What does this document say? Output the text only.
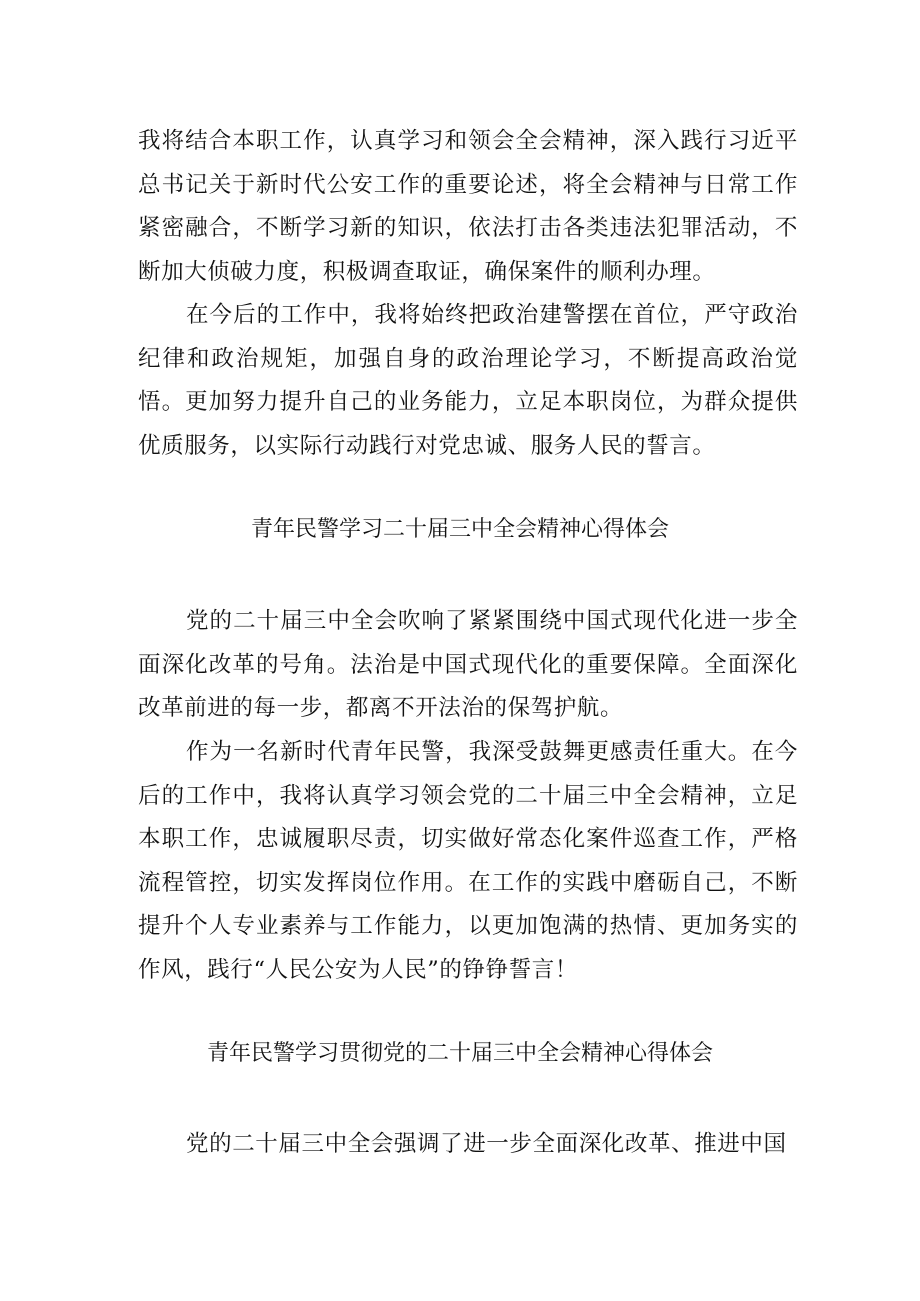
我将结合本职工作，认真学习和领会全会精神，深入践行习近平总书记关于新时代公安工作的重要论述，将全会精神与日常工作紧密融合，不断学习新的知识，依法打击各类违法犯罪活动，不断加大侦破力度，积极调查取证，确保案件的顺利办理。

在今后的工作中，我将始终把政治建警摆在首位，严守政治纪律和政治规矩，加强自身的政治理论学习，不断提高政治觉悟。更加努力提升自己的业务能力，立足本职岗位，为群众提供优质服务，以实际行动践行对党忠诚、服务人民的誓言。

青年民警学习二十届三中全会精神心得体会

党的二十届三中全会吹响了紧紧围绕中国式现代化进一步全面深化改革的号角。法治是中国式现代化的重要保障。全面深化改革前进的每一步，都离不开法治的保驾护航。

作为一名新时代青年民警，我深受鼓舞更感责任重大。在今后的工作中，我将认真学习领会党的二十届三中全会精神，立足本职工作，忠诚履职尽责，切实做好常态化案件巡查工作，严格流程管控，切实发挥岗位作用。在工作的实践中磨砺自己，不断提升个人专业素养与工作能力，以更加饱满的热情、更加务实的作风，践行“人民公安为人民”的铮铮誓言！

青年民警学习贯彻党的二十届三中全会精神心得体会

党的二十届三中全会强调了进一步全面深化改革、推进中国
